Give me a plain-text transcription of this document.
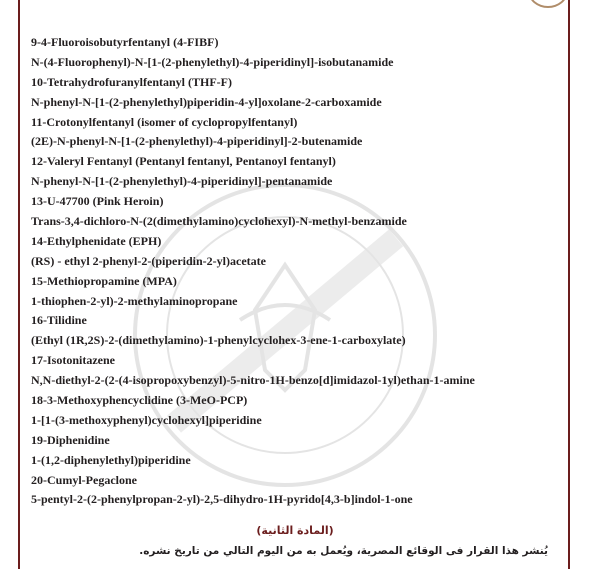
9-4-Fluoroisobutyrfentanyl (4-FIBF)
N-(4-Fluorophenyl)-N-[1-(2-phenylethyl)-4-piperidinyl]-isobutanamide
10-Tetrahydrofuranylfentanyl (THF-F)
N-phenyl-N-[1-(2-phenylethyl)piperidin-4-yl]oxolane-2-carboxamide
11-Crotonylfentanyl (isomer of cyclopropylfentanyl)
(2E)-N-phenyl-N-[1-(2-phenylethyl)-4-piperidinyl]-2-butenamide
12-Valeryl Fentanyl (Pentanyl fentanyl, Pentanoyl fentanyl)
N-phenyl-N-[1-(2-phenylethyl)-4-piperidinyl]-pentanamide
13-U-47700 (Pink Heroin)
Trans-3,4-dichloro-N-(2(dimethylamino)cyclohexyl)-N-methyl-benzamide
14-Ethylphenidate (EPH)
(RS) - ethyl 2-phenyl-2-(piperidin-2-yl)acetate
15-Methiopropamine (MPA)
1-thiophen-2-yl)-2-methylaminopropane
16-Tilidine
(Ethyl (1R,2S)-2-(dimethylamino)-1-phenylcyclohex-3-ene-1-carboxylate)
17-Isotonitazene
N,N-diethyl-2-(2-(4-isopropoxybenzyl)-5-nitro-1H-benzo[d]imidazol-1yl)ethan-1-amine
18-3-Methoxyphencyclidine (3-MeO-PCP)
1-[1-(3-methoxyphenyl)cyclohexyl]piperidine
19-Diphenidine
1-(1,2-diphenylethyl)piperidine
20-Cumyl-Pegaclone
5-pentyl-2-(2-phenylpropan-2-yl)-2,5-dihydro-1H-pyrido[4,3-b]indol-1-one
(المادة الثانية)
يُنشر هذا القرار فى الوقائع المصرية، ويُعمل به من اليوم التالي من تاريخ نشره.
